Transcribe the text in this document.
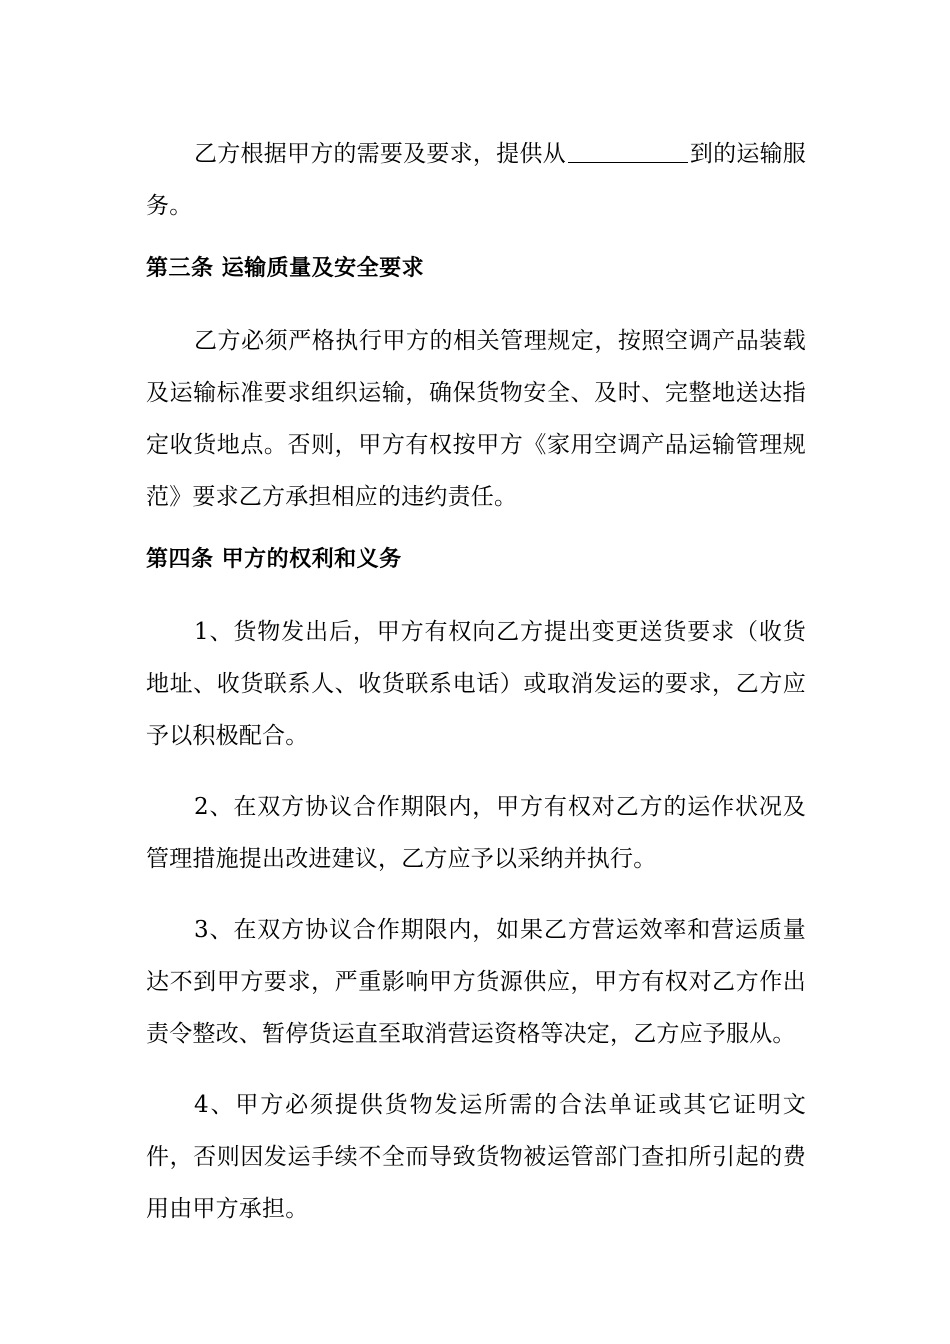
乙方根据甲方的需要及要求，提供从	到的运输服务。

第三条 运输质量及安全要求

乙方必须严格执行甲方的相关管理规定，按照空调产品装载及运输标准要求组织运输，确保货物安全、及时、完整地送达指定收货地点。否则，甲方有权按甲方《家用空调产品运输管理规范》要求乙方承担相应的违约责任。

第四条 甲方的权利和义务

1、货物发出后，甲方有权向乙方提出变更送货要求（收货地址、收货联系人、收货联系电话）或取消发运的要求，乙方应予以积极配合。

2、在双方协议合作期限内，甲方有权对乙方的运作状况及管理措施提出改进建议，乙方应予以采纳并执行。

3、在双方协议合作期限内，如果乙方营运效率和营运质量达不到甲方要求，严重影响甲方货源供应，甲方有权对乙方作出责令整改、暂停货运直至取消营运资格等决定，乙方应予服从。

4、甲方必须提供货物发运所需的合法单证或其它证明文件，否则因发运手续不全而导致货物被运管部门查扣所引起的费用由甲方承担。
